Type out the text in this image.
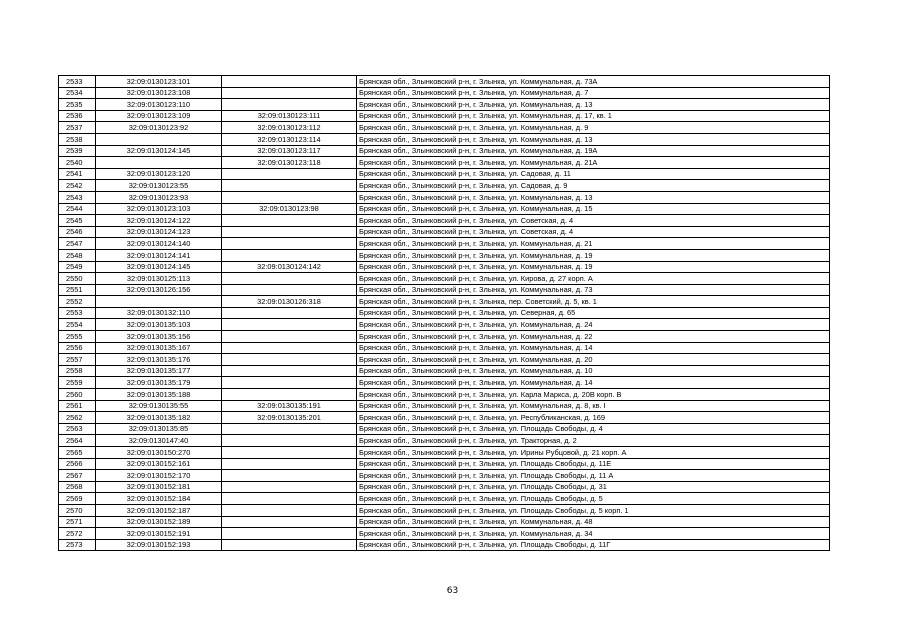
2533	32:09:0130123:101		Брянская обл., Злынковский р-н, г. Злынка, ул. Коммунальная, д. 73А
2534	32:09:0130123:108		Брянская обл., Злынковский р-н, г. Злынка, ул. Коммунальная, д. 7
2535	32:09:0130123:110		Брянская обл., Злынковский р-н, г. Злынка, ул. Коммунальная, д. 13
2536	32:09:0130123:109	32:09:0130123:111	Брянская обл., Злынковский р-н, г. Злынка, ул. Коммунальная, д. 17, кв. 1
2537	32:09:0130123:92	32:09:0130123:112	Брянская обл., Злынковский р-н, г. Злынка, ул. Коммунальная, д. 9
2538		32:09:0130123:114	Брянская обл., Злынковский р-н, г. Злынка, ул. Коммунальная, д. 13
2539	32:09:0130124:145	32:09:0130123:117	Брянская обл., Злынковский р-н, г. Злынка, ул. Коммунальная, д. 19А
2540		32:09:0130123:118	Брянская обл., Злынковский р-н, г. Злынка, ул. Коммунальная, д. 21А
2541	32:09:0130123:120		Брянская обл., Злынковский р-н, г. Злынка, ул. Садовая, д. 11
2542	32:09:0130123:55		Брянская обл., Злынковский р-н, г. Злынка, ул. Садовая, д. 9
2543	32:09:0130123:93		Брянская обл., Злынковский р-н, г. Злынка, ул. Коммунальная, д. 13
2544	32:09:0130123:103	32:09:0130123:98	Брянская обл., Злынковский р-н, г. Злынка, ул. Коммунальная, д. 15
2545	32:09:0130124:122		Брянская обл., Злынковский р-н, г. Злынка, ул. Советская, д. 4
2546	32:09:0130124:123		Брянская обл., Злынковский р-н, г. Злынка, ул. Советская, д. 4
2547	32:09:0130124:140		Брянская обл., Злынковский р-н, г. Злынка, ул. Коммунальная, д. 21
2548	32:09:0130124:141		Брянская обл., Злынковский р-н, г. Злынка, ул. Коммунальная, д. 19
2549	32:09:0130124:145	32:09:0130124:142	Брянская обл., Злынковский р-н, г. Злынка, ул. Коммунальная, д. 19
2550	32:09:0130125:113		Брянская обл., Злынковский р-н, г. Злынка, ул. Кирова, д. 27 корп. А
2551	32:09:0130126:156		Брянская обл., Злынковский р-н, г. Злынка, ул. Коммунальная, д. 73
2552		32:09:0130126:318	Брянская обл., Злынковский р-н, г. Злынка, пер. Советский, д. 5, кв. 1
2553	32:09:0130132:110		Брянская обл., Злынковский р-н, г. Злынка, ул. Северная, д. 65
2554	32:09:0130135:103		Брянская обл., Злынковский р-н, г. Злынка, ул. Коммунальная, д. 24
2555	32:09:0130135:156		Брянская обл., Злынковский р-н, г. Злынка, ул. Коммунальная, д. 22
2556	32:09:0130135:167		Брянская обл., Злынковский р-н, г. Злынка, ул. Коммунальная, д. 14
2557	32:09:0130135:176		Брянская обл., Злынковский р-н, г. Злынка, ул. Коммунальная, д. 20
2558	32:09:0130135:177		Брянская обл., Злынковский р-н, г. Злынка, ул. Коммунальная, д. 10
2559	32:09:0130135:179		Брянская обл., Злынковский р-н, г. Злынка, ул. Коммунальная, д. 14
2560	32:09:0130135:188		Брянская обл., Злынковский р-н, г. Злынка, ул. Карла Маркса, д. 20В корп. В
2561	32:09:0130135:55	32:09:0130135:191	Брянская обл., Злынковский р-н, г. Злынка, ул. Коммунальная, д. 8, кв. I
2562	32:09:0130135:182	32:09:0130135:201	Брянская обл., Злынковский р-н, г. Злынка, ул. Республиканская, д. 169
2563	32:09:0130135:85		Брянская обл., Злынковский р-н, г. Злынка, ул. Площадь Свободы, д. 4
2564	32:09:0130147:40		Брянская обл., Злынковский р-н, г. Злынка, ул. Тракторная, д. 2
2565	32:09:0130150:270		Брянская обл., Злынковский р-н, г. Злынка, ул. Ирины Рубцовой, д. 21 корп. А
2566	32:09:0130152:161		Брянская обл., Злынковский р-н, г. Злынка, ул. Площадь Свободы, д. 11Е
2567	32:09:0130152:170		Брянская обл., Злынковский р-н, г. Злынка, ул. Площадь Свободы, д. 11 А
2568	32:09:0130152:181		Брянская обл., Злынковский р-н, г. Злынка, ул. Площадь Свободы, д. 31
2569	32:09:0130152:184		Брянская обл., Злынковский р-н, г. Злынка, ул. Площадь Свободы, д. 5
2570	32:09:0130152:187		Брянская обл., Злынковский р-н, г. Злынка, ул. Площадь Свободы, д. 5 корп. 1
2571	32:09:0130152:189		Брянская обл., Злынковский р-н, г. Злынка, ул. Коммунальная, д. 48
2572	32:09:0130152:191		Брянская обл., Злынковский р-н, г. Злынка, ул. Коммунальная, д. 34
2573	32:09:0130152:193		Брянская обл., Злынковский р-н, г. Злынка, ул. Площадь Свободы, д. 11Г
63
